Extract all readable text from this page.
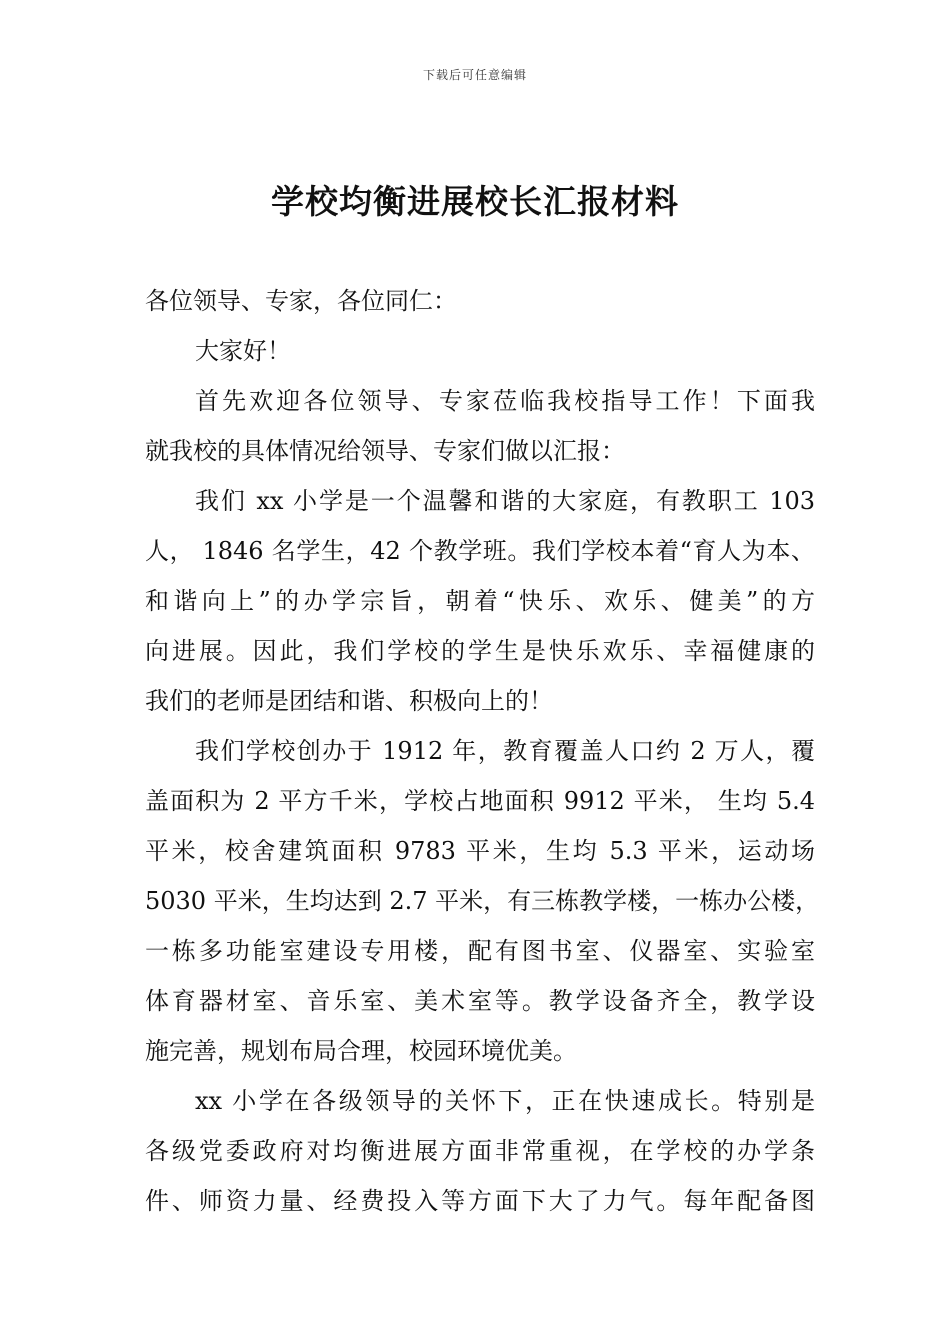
下载后可任意编辑
学校均衡进展校长汇报材料
各位领导、专家，各位同仁：
大家好！
首先欢迎各位领导、专家莅临我校指导工作！下面我
就我校的具体情况给领导、专家们做以汇报：
我们 xx 小学是一个温馨和谐的大家庭，有教职工 103
人， 1846 名学生，42 个教学班。我们学校本着“育人为本、
和谐向上”的办学宗旨，朝着“快乐、欢乐、健美”的方
向进展。因此，我们学校的学生是快乐欢乐、幸福健康的
我们的老师是团结和谐、积极向上的！
我们学校创办于 1912 年，教育覆盖人口约 2 万人，覆
盖面积为 2 平方千米，学校占地面积 9912 平米， 生均 5.4
平米，校舍建筑面积 9783 平米，生均 5.3 平米，运动场
5030 平米，生均达到 2.7 平米，有三栋教学楼，一栋办公楼，
一栋多功能室建设专用楼，配有图书室、仪器室、实验室
体育器材室、音乐室、美术室等。教学设备齐全，教学设
施完善，规划布局合理，校园环境优美。
xx 小学在各级领导的关怀下，正在快速成长。特别是
各级党委政府对均衡进展方面非常重视，在学校的办学条
件、师资力量、经费投入等方面下大了力气。每年配备图
